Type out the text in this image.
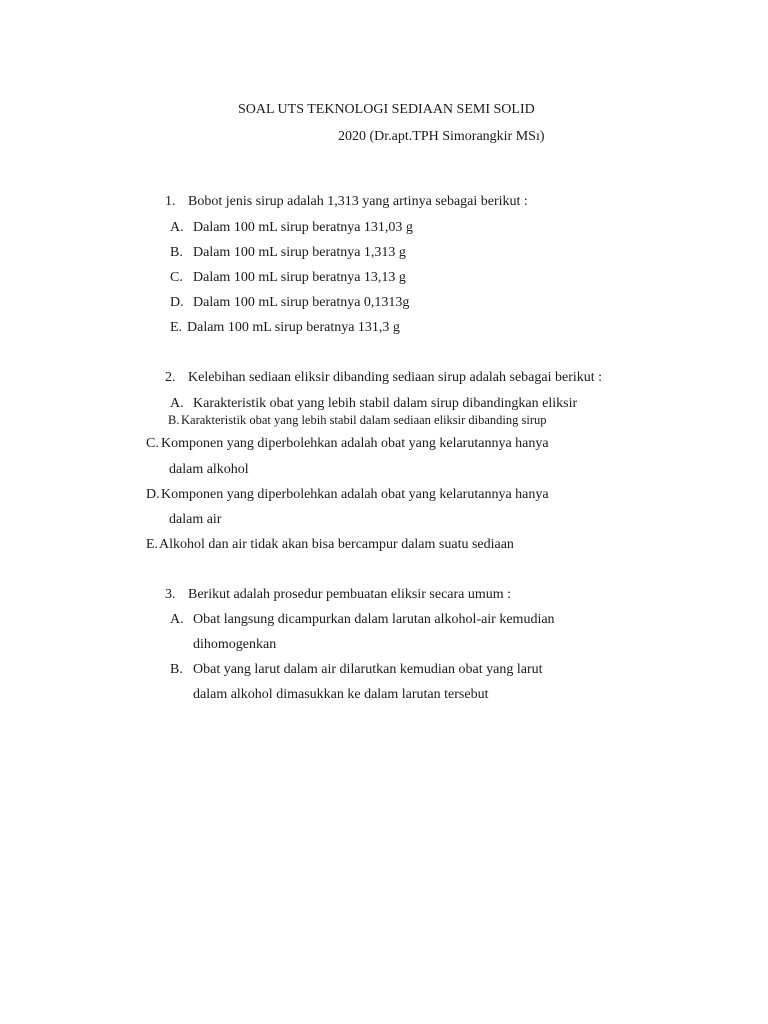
SOAL UTS TEKNOLOGI SEDIAAN SEMI SOLID
2020 (Dr.apt.TPH Simorangkir MSı)
1. Bobot jenis sirup adalah 1,313 yang artinya sebagai berikut :
A. Dalam 100 mL sirup beratnya 131,03 g
B. Dalam 100 mL sirup beratnya 1,313 g
C. Dalam 100 mL sirup beratnya 13,13 g
D. Dalam 100 mL sirup beratnya 0,1313g
E. Dalam 100 mL sirup beratnya 131,3 g
2. Kelebihan sediaan eliksir dibanding sediaan sirup adalah sebagai berikut :
A. Karakteristik obat yang lebih stabil dalam sirup dibandingkan eliksir
B. Karakteristik obat yang lebih stabil dalam sediaan eliksir dibanding sirup
C. Komponen yang diperbolehkan adalah obat yang kelarutannya hanya
dalam alkohol
D. Komponen yang diperbolehkan adalah obat yang kelarutannya hanya
dalam air
E. Alkohol dan air tidak akan bisa bercampur dalam suatu sediaan
3. Berikut adalah prosedur pembuatan eliksir secara umum :
A. Obat langsung dicampurkan dalam larutan alkohol-air kemudian
dihomogenkan
B. Obat yang larut dalam air dilarutkan kemudian obat yang larut
dalam alkohol dimasukkan ke dalam larutan tersebut
